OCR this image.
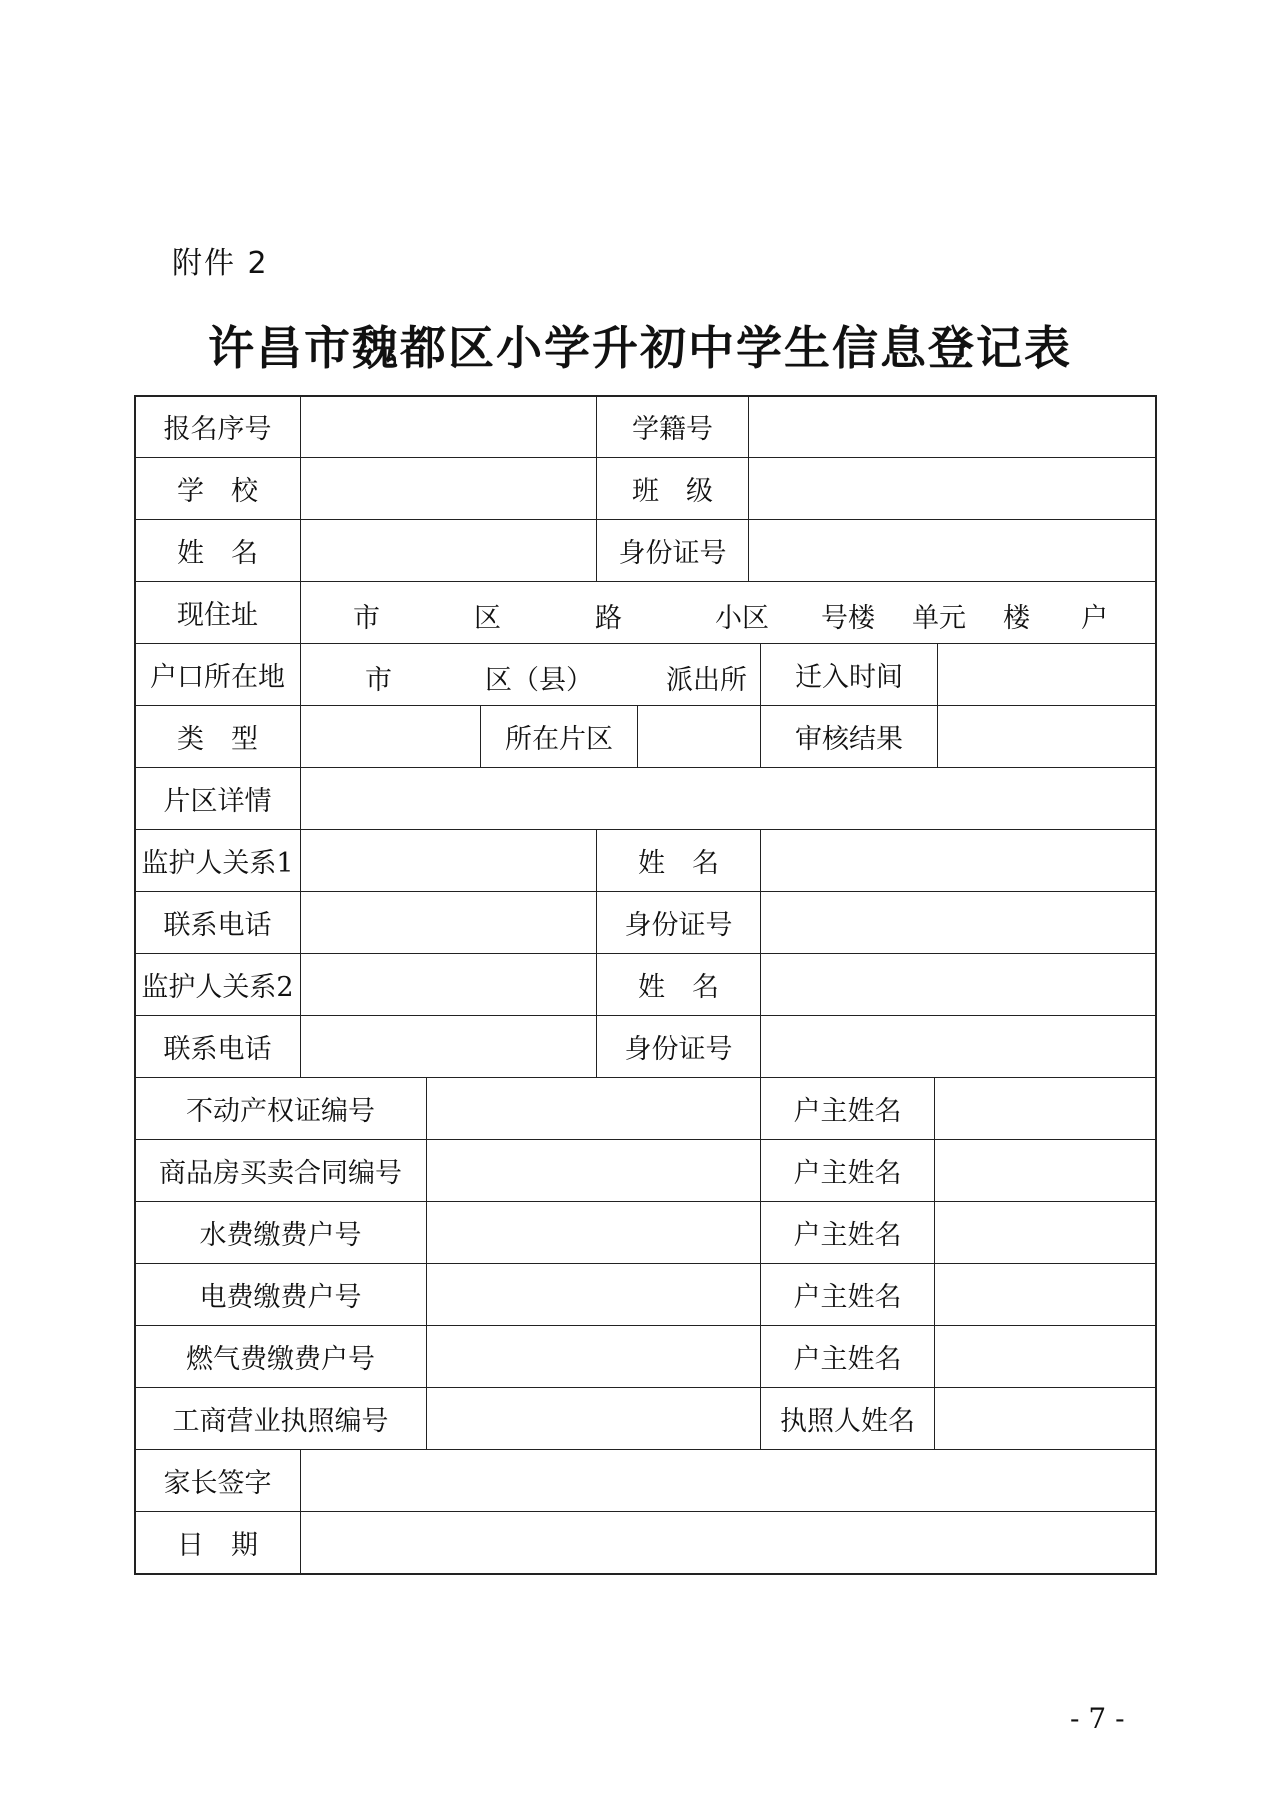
附件 2
许昌市魏都区小学升初中学生信息登记表
报名序号	学籍号
学　校	班　级
姓　名	身份证号
现住址	市	区	路	小区 号楼 单元 楼 户
户口所在地	市	区（县）	派出所	迁入时间
类　型	所在片区	审核结果
片区详情
监护人关系1	姓　名
联系电话	身份证号
监护人关系2	姓　名
联系电话	身份证号
不动产权证编号	户主姓名
商品房买卖合同编号	户主姓名
水费缴费户号	户主姓名
电费缴费户号	户主姓名
燃气费缴费户号	户主姓名
工商营业执照编号	执照人姓名
家长签字
日　期
- 7 -
